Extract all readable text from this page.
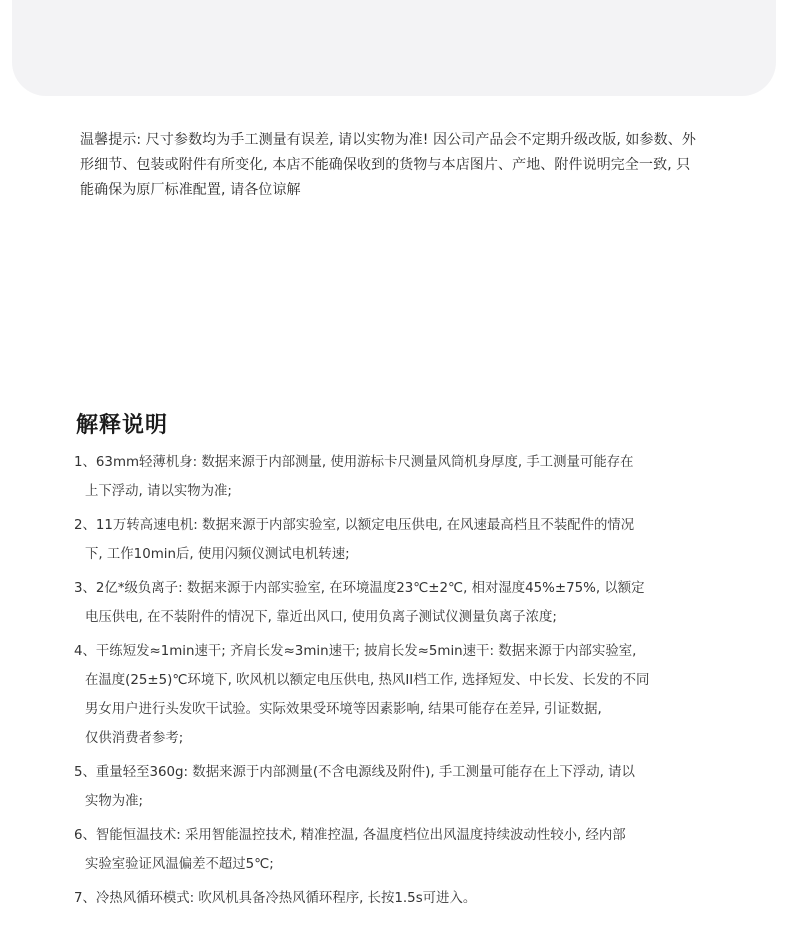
温馨提示: 尺寸参数均为手工测量有误差, 请以实物为准! 因公司产品会不定期升级改版, 如参数、外
形细节、包装或附件有所变化, 本店不能确保收到的货物与本店图片、产地、附件说明完全一致, 只
能确保为原厂标准配置, 请各位谅解
解释说明
1、63mm轻薄机身: 数据来源于内部测量, 使用游标卡尺测量风筒机身厚度, 手工测量可能存在
上下浮动, 请以实物为准;
2、11万转高速电机: 数据来源于内部实验室, 以额定电压供电, 在风速最高档且不装配件的情况
下, 工作10min后, 使用闪频仪测试电机转速;
3、2亿*级负离子: 数据来源于内部实验室, 在环境温度23℃±2℃, 相对湿度45%±75%, 以额定
电压供电, 在不装附件的情况下, 靠近出风口, 使用负离子测试仪测量负离子浓度;
4、干练短发≈1min速干; 齐肩长发≈3min速干; 披肩长发≈5min速干: 数据来源于内部实验室,
在温度(25±5)℃环境下, 吹风机以额定电压供电, 热风II档工作, 选择短发、中长发、长发的不同
男女用户进行头发吹干试验。实际效果受环境等因素影响, 结果可能存在差异, 引证数据,
仅供消费者参考;
5、重量轻至360g: 数据来源于内部测量(不含电源线及附件), 手工测量可能存在上下浮动, 请以
实物为准;
6、智能恒温技术: 采用智能温控技术, 精准控温, 各温度档位出风温度持续波动性较小, 经内部
实验室验证风温偏差不超过5℃;
7、冷热风循环模式: 吹风机具备冷热风循环程序, 长按1.5s可进入。
